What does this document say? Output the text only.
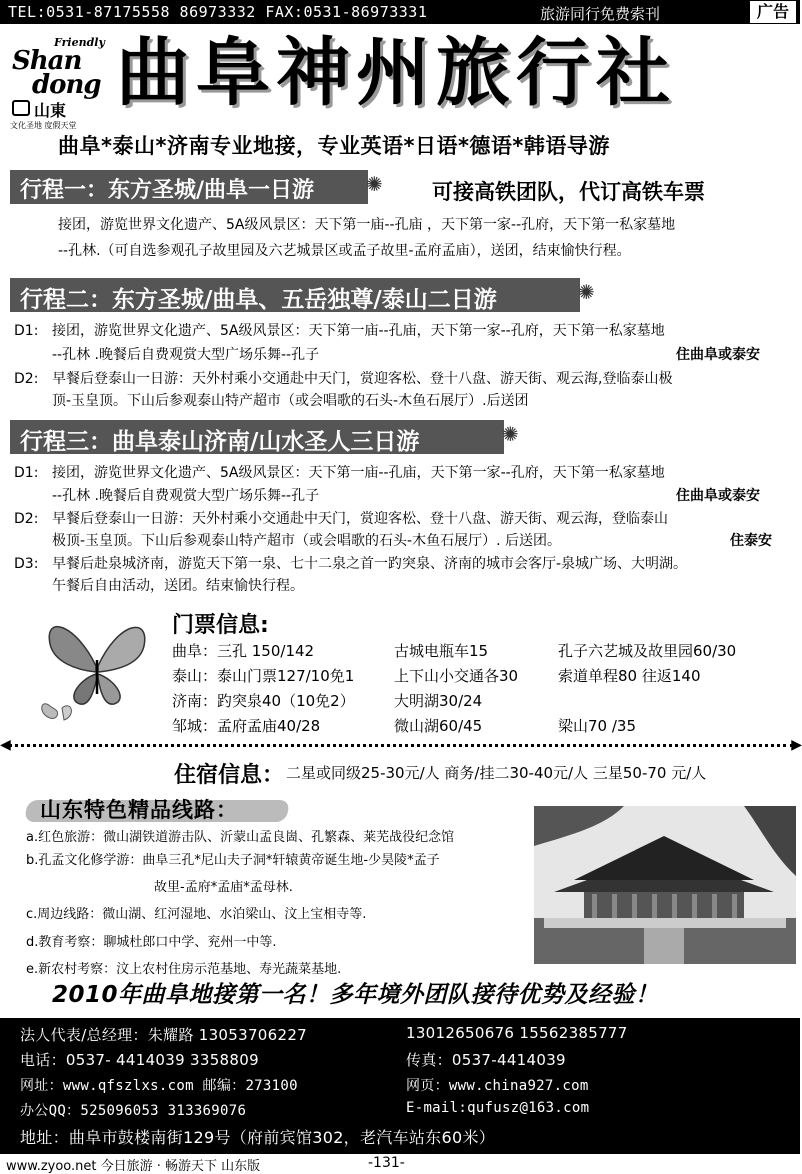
TEL:0531-87175558 86973332 FAX:0531-86973331	旅游同行免费索刊	广告
Friendly
Shan
dong
山東
文化圣地 度假天堂
曲阜神州旅行社
曲阜*泰山*济南专业地接，专业英语*日语*德语*韩语导游
行程一：东方圣城/曲阜一日游
✺	可接高铁团队，代订高铁车票
接团，游览世界文化遗产、5A级风景区：天下第一庙--孔庙 ，天下第一家--孔府，天下第一私家墓地
--孔林.（可自选参观孔子故里园及六艺城景区或孟子故里-孟府孟庙），送团，结束愉快行程。
行程二：东方圣城/曲阜、五岳独尊/泰山二日游
✺
D1: 接团，游览世界文化遗产、5A级风景区：天下第一庙--孔庙，天下第一家--孔府，天下第一私家墓地
--孔林 .晚餐后自费观赏大型广场乐舞--孔子	住曲阜或泰安
D2: 早餐后登泰山一日游：天外村乘小交通赴中天门，赏迎客松、登十八盘、游天街、观云海,登临泰山极
顶-玉皇顶。下山后参观泰山特产超市（或会唱歌的石头-木鱼石展厅）.后送团
行程三：曲阜泰山济南/山水圣人三日游
✺
D1: 接团，游览世界文化遗产、5A级风景区：天下第一庙--孔庙，天下第一家--孔府，天下第一私家墓地
--孔林 .晚餐后自费观赏大型广场乐舞--孔子	住曲阜或泰安
D2: 早餐后登泰山一日游：天外村乘小交通赴中天门，赏迎客松、登十八盘、游天街、观云海，登临泰山
极顶-玉皇顶。下山后参观泰山特产超市（或会唱歌的石头-木鱼石展厅）. 后送团。	住泰安
D3: 早餐后赴泉城济南，游览天下第一泉、七十二泉之首一趵突泉、济南的城市会客厅-泉城广场、大明湖。
午餐后自由活动，送团。结束愉快行程。
门票信息:
曲阜：三孔 150/142	古城电瓶车15	孔子六艺城及故里园60/30
泰山：泰山门票127/10免1	上下山小交通各30	索道单程80 往返140
济南：趵突泉40（10免2）	大明湖30/24
邹城：孟府孟庙40/28	微山湖60/45	梁山70 /35
◀	▶
住宿信息： 二星或同级25-30元/人 商务/挂二30-40元/人 三星50-70 元/人
山东特色精品线路：
a.红色旅游：微山湖铁道游击队、沂蒙山孟良崮、孔繁森、莱芜战役纪念馆
b.孔孟文化修学游：曲阜三孔*尼山夫子洞*轩辕黄帝诞生地-少昊陵*孟子
故里-孟府*孟庙*孟母林.
c.周边线路：微山湖、红河湿地、水泊梁山、汶上宝相寺等.
d.教育考察：聊城杜郎口中学、兖州一中等.
e.新农村考察：汶上农村住房示范基地、寿光蔬菜基地.
2010年曲阜地接第一名！多年境外团队接待优势及经验！
法人代表/总经理：朱耀路 13053706227	13012650676 15562385777
电话：0537- 4414039 3358809	传真：0537-4414039
网址：www.qfszlxs.com 邮编：273100	网页：www.china927.com
办公QQ：525096053 313369076	E-mail:qufusz@163.com
地址：曲阜市鼓楼南街129号（府前宾馆302，老汽车站东60米）
www.zyoo.net 今日旅游 · 畅游天下 山东版	-131-
